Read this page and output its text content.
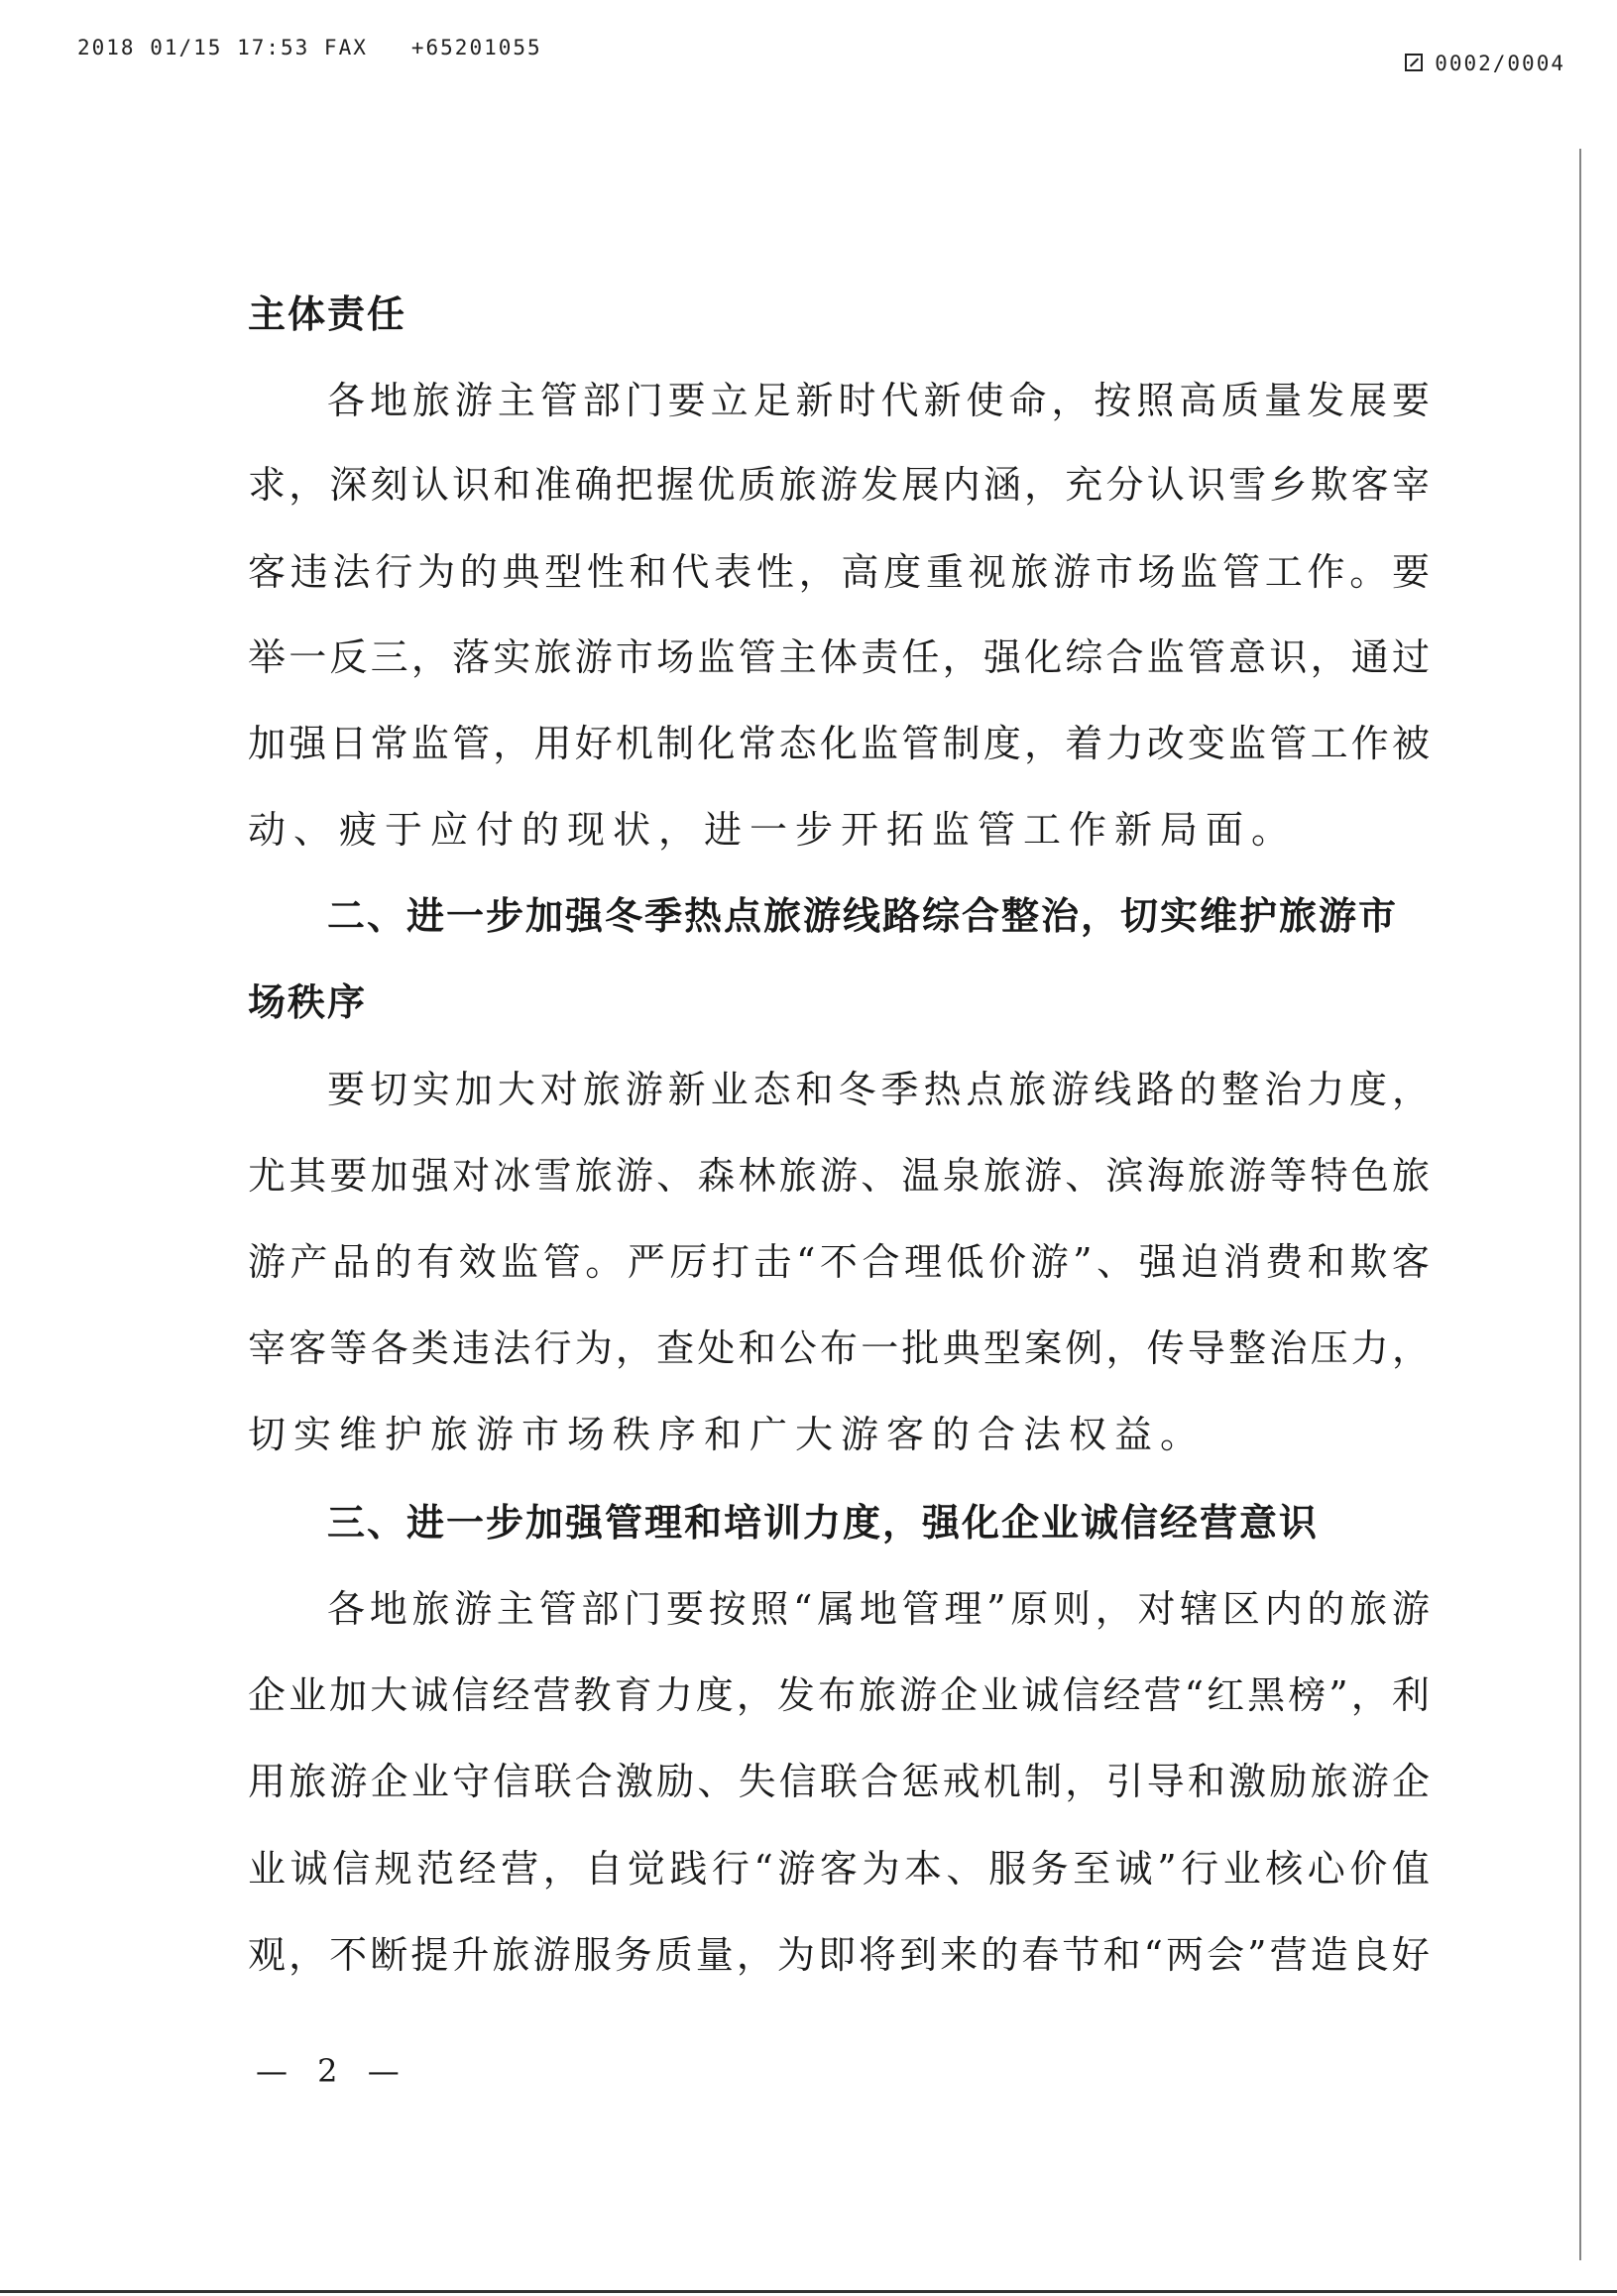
2018 01/15 17:53 FAX +65201055
0002/0004
主体责任
各地旅游主管部门要立足新时代新使命，按照高质量发展要
求，深刻认识和准确把握优质旅游发展内涵，充分认识雪乡欺客宰
客违法行为的典型性和代表性，高度重视旅游市场监管工作。要
举一反三，落实旅游市场监管主体责任，强化综合监管意识，通过
加强日常监管，用好机制化常态化监管制度，着力改变监管工作被
动、疲于应付的现状，进一步开拓监管工作新局面。
二、进一步加强冬季热点旅游线路综合整治，切实维护旅游市
场秩序
要切实加大对旅游新业态和冬季热点旅游线路的整治力度，
尤其要加强对冰雪旅游、森林旅游、温泉旅游、滨海旅游等特色旅
游产品的有效监管。严厉打击“不合理低价游”、强迫消费和欺客
宰客等各类违法行为，查处和公布一批典型案例，传导整治压力，
切实维护旅游市场秩序和广大游客的合法权益。
三、进一步加强管理和培训力度，强化企业诚信经营意识
各地旅游主管部门要按照“属地管理”原则，对辖区内的旅游
企业加大诚信经营教育力度，发布旅游企业诚信经营“红黑榜”，利
用旅游企业守信联合激励、失信联合惩戒机制，引导和激励旅游企
业诚信规范经营，自觉践行“游客为本、服务至诚”行业核心价值
观，不断提升旅游服务质量，为即将到来的春节和“两会”营造良好
— 2 —
